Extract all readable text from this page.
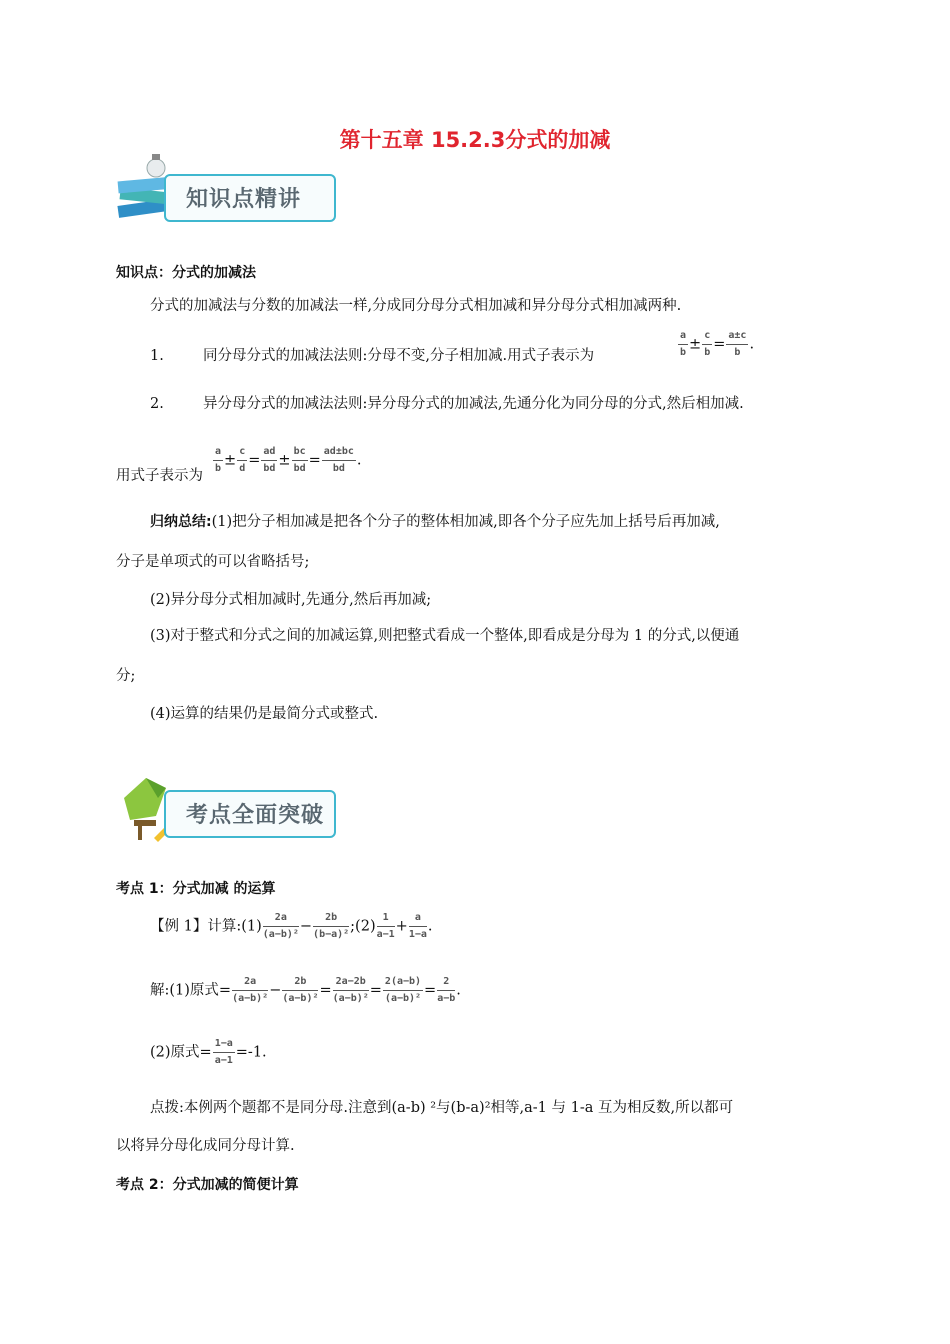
第十五章 15.2.3分式的加减
知识点精讲
知识点：分式的加减法
分式的加减法与分数的加减法一样,分成同分母分式相加减和异分母分式相加减两种.
1.	同分母分式的加减法法则:分母不变,分子相加减.用式子表示为	$\frac{a}{b} \pm \frac{c}{b} = \frac{a\pm c}{b}$ .
2.	异分母分式的加减法法则:异分母分式的加减法,先通分化为同分母的分式,然后相加减.
用式子表示为
$\frac{a}{b} \pm \frac{c}{d} = \frac{ad}{bd} \pm \frac{bc}{bd} = \frac{ad\pm bc}{bd}$ .
归纳总结:(1)把分子相加减是把各个分子的整体相加减,即各个分子应先加上括号后再加减,
分子是单项式的可以省略括号;
(2)异分母分式相加减时,先通分,然后再加减;
(3)对于整式和分式之间的加减运算,则把整式看成一个整体,即看成是分母为 1 的分式,以便通
分;
(4)运算的结果仍是最简分式或整式.
考点全面突破
考点 1：分式加减 的运算
【例 1】计算:(1) $\frac{2a}{\text{(a−b)²}} - \frac{2b}{\text{(b−a)²}}$ ;(2) $\frac{1}{a-1} + \frac{a}{1-a}$ .
解:(1)原式= $\frac{2a}{\text{(a−b)²}} - \frac{2b}{\text{(a−b)²}} = \frac{2a-2b}{\text{(a−b)²}} = \frac{2(a-b)}{\text{(a−b)²}} = \frac{2}{a-b}$ .
(2)原式= $\frac{1-a}{a-1} =-1$.
点拨:本例两个题都不是同分母.注意到(a-b) ²与(b-a)²相等,a-1 与 1-a 互为相反数,所以都可
以将异分母化成同分母计算.
考点 2：分式加减的简便计算
